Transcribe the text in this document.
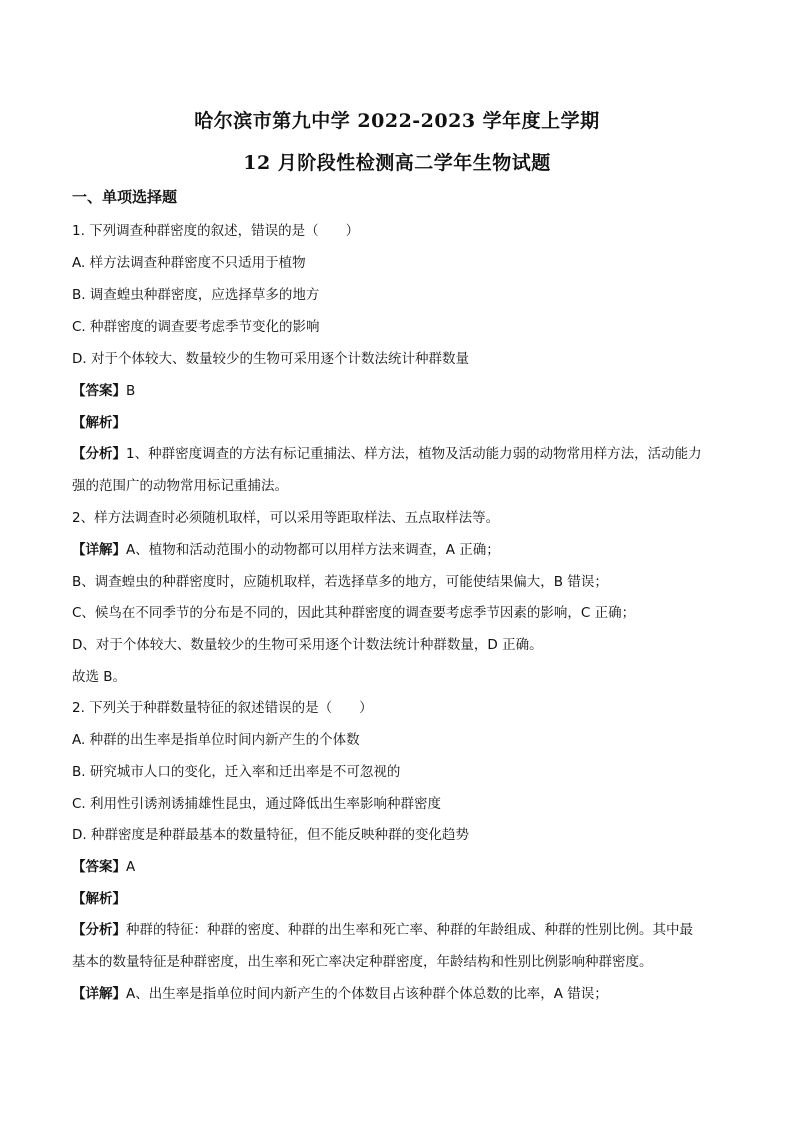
哈尔滨市第九中学 2022-2023 学年度上学期
12 月阶段性检测高二学年生物试题
一、单项选择题
1. 下列调查种群密度的叙述，错误的是（　　）
A. 样方法调查种群密度不只适用于植物
B. 调查蝗虫种群密度，应选择草多的地方
C. 种群密度的调查要考虑季节变化的影响
D. 对于个体较大、数量较少的生物可采用逐个计数法统计种群数量
【答案】B
【解析】
【分析】1、种群密度调查的方法有标记重捕法、样方法，植物及活动能力弱的动物常用样方法，活动能力
强的范围广的动物常用标记重捕法。
2、样方法调查时必须随机取样，可以采用等距取样法、五点取样法等。
【详解】A、植物和活动范围小的动物都可以用样方法来调查，A 正确；
B、调查蝗虫的种群密度时，应随机取样，若选择草多的地方，可能使结果偏大，B 错误；
C、候鸟在不同季节的分布是不同的，因此其种群密度的调查要考虑季节因素的影响，C 正确；
D、对于个体较大、数量较少的生物可采用逐个计数法统计种群数量，D 正确。
故选 B。
2. 下列关于种群数量特征的叙述错误的是（　　）
A. 种群的出生率是指单位时间内新产生的个体数
B. 研究城市人口的变化，迁入率和迁出率是不可忽视的
C. 利用性引诱剂诱捕雄性昆虫，通过降低出生率影响种群密度
D. 种群密度是种群最基本的数量特征，但不能反映种群的变化趋势
【答案】A
【解析】
【分析】种群的特征：种群的密度、种群的出生率和死亡率、种群的年龄组成、种群的性别比例。其中最
基本的数量特征是种群密度，出生率和死亡率决定种群密度，年龄结构和性别比例影响种群密度。
【详解】A、出生率是指单位时间内新产生的个体数目占该种群个体总数的比率，A 错误；
